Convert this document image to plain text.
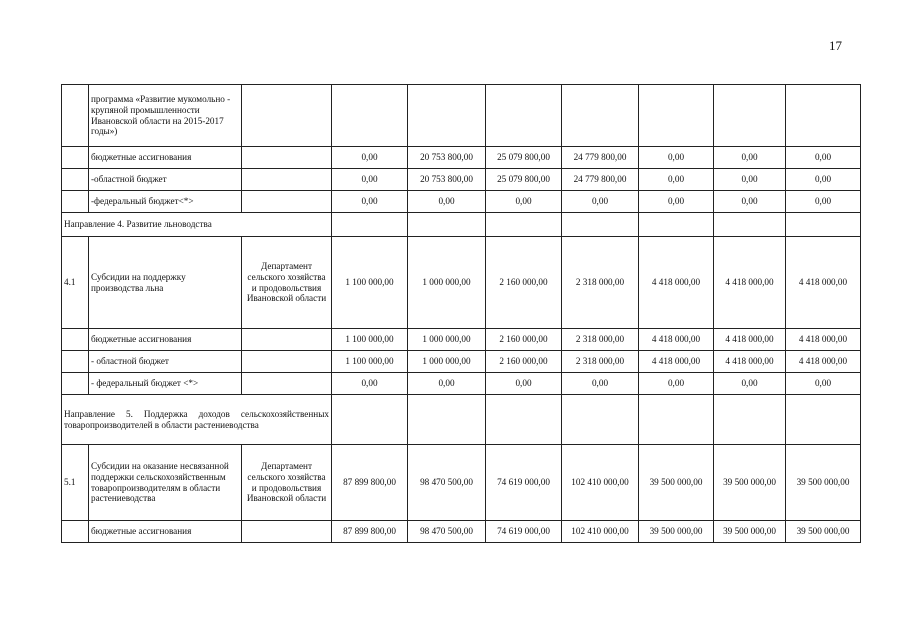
17
	программа «Развитие мукомольно - крупяной промышленности Ивановской области на 2015-2017 годы»)								
	бюджетные ассигнования		0,00	20 753 800,00	25 079 800,00	24 779 800,00	0,00	0,00	0,00
	-областной бюджет		0,00	20 753 800,00	25 079 800,00	24 779 800,00	0,00	0,00	0,00
	-федеральный бюджет<*>		0,00	0,00	0,00	0,00	0,00	0,00	0,00
Направление 4. Развитие льноводства									
4.1	Субсидии на поддержку производства льна	Департамент сельского хозяйства и продовольствия Ивановской области	1 100 000,00	1 000 000,00	2 160 000,00	2 318 000,00	4 418 000,00	4 418 000,00	4 418 000,00
	бюджетные ассигнования		1 100 000,00	1 000 000,00	2 160 000,00	2 318 000,00	4 418 000,00	4 418 000,00	4 418 000,00
	- областной бюджет		1 100 000,00	1 000 000,00	2 160 000,00	2 318 000,00	4 418 000,00	4 418 000,00	4 418 000,00
	- федеральный бюджет <*>		0,00	0,00	0,00	0,00	0,00	0,00	0,00
Направление 5. Поддержка доходов сельскохозяйственных товаропроизводителей в области растениеводства									
5.1	Субсидии на оказание несвязанной поддержки сельскохозяйственным товаропроизводителям в области растениеводства	Департамент сельского хозяйства и продовольствия Ивановской области	87 899 800,00	98 470 500,00	74 619 000,00	102 410 000,00	39 500 000,00	39 500 000,00	39 500 000,00
	бюджетные ассигнования		87 899 800,00	98 470 500,00	74 619 000,00	102 410 000,00	39 500 000,00	39 500 000,00	39 500 000,00
